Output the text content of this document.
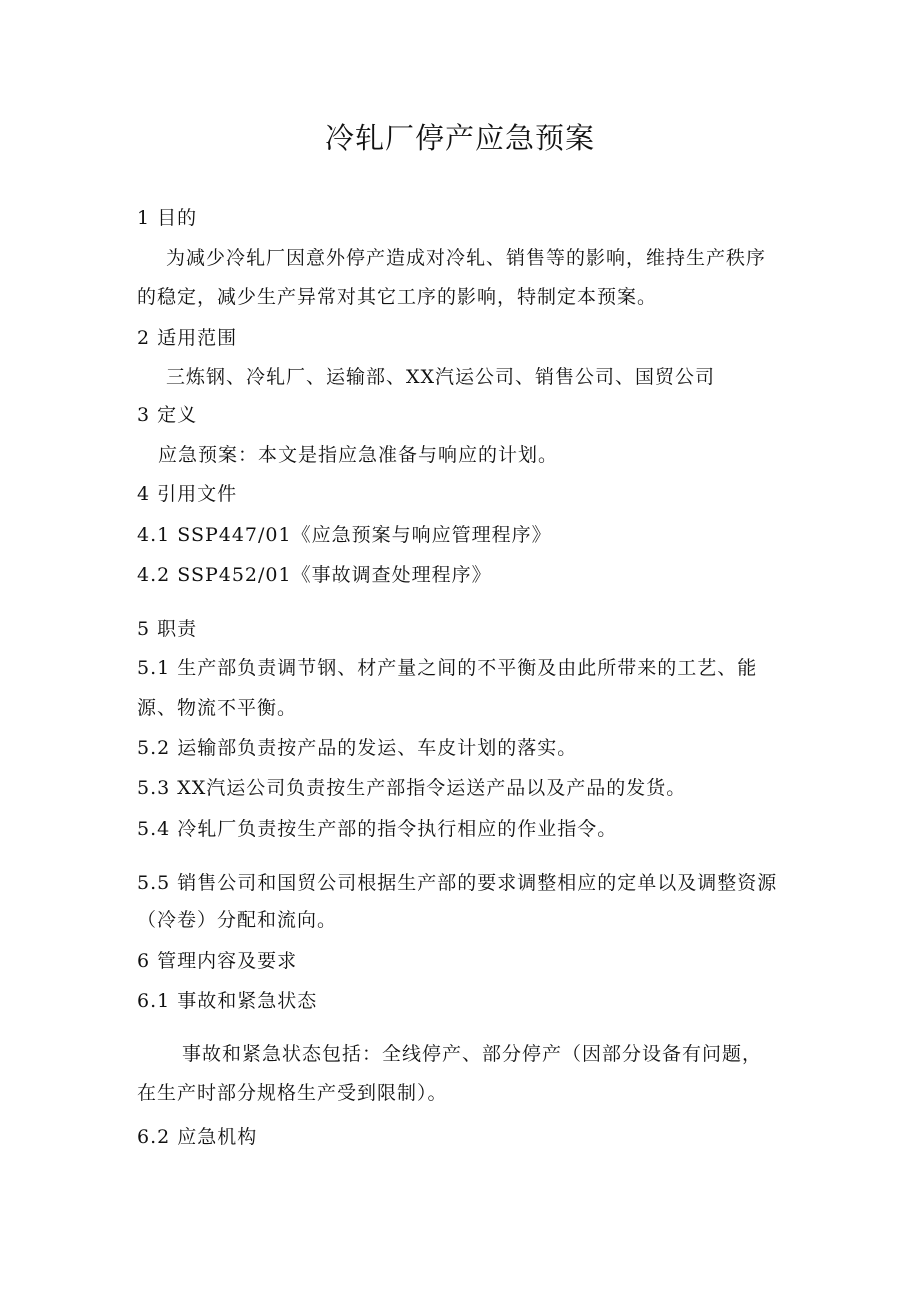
冷轧厂停产应急预案
1 目的
为减少冷轧厂因意外停产造成对冷轧、销售等的影响，维持生产秩序
的稳定，减少生产异常对其它工序的影响，特制定本预案。
2 适用范围
三炼钢、冷轧厂、运输部、XX汽运公司、销售公司、国贸公司
3 定义
应急预案：本文是指应急准备与响应的计划。
4 引用文件
4.1 SSP447/01《应急预案与响应管理程序》
4.2 SSP452/01《事故调查处理程序》
5 职责
5.1 生产部负责调节钢、材产量之间的不平衡及由此所带来的工艺、能
源、物流不平衡。
5.2 运输部负责按产品的发运、车皮计划的落实。
5.3 XX汽运公司负责按生产部指令运送产品以及产品的发货。
5.4 冷轧厂负责按生产部的指令执行相应的作业指令。
5.5 销售公司和国贸公司根据生产部的要求调整相应的定单以及调整资源
（冷卷）分配和流向。
6 管理内容及要求
6.1 事故和紧急状态
事故和紧急状态包括：全线停产、部分停产（因部分设备有问题，
在生产时部分规格生产受到限制）。
6.2 应急机构
